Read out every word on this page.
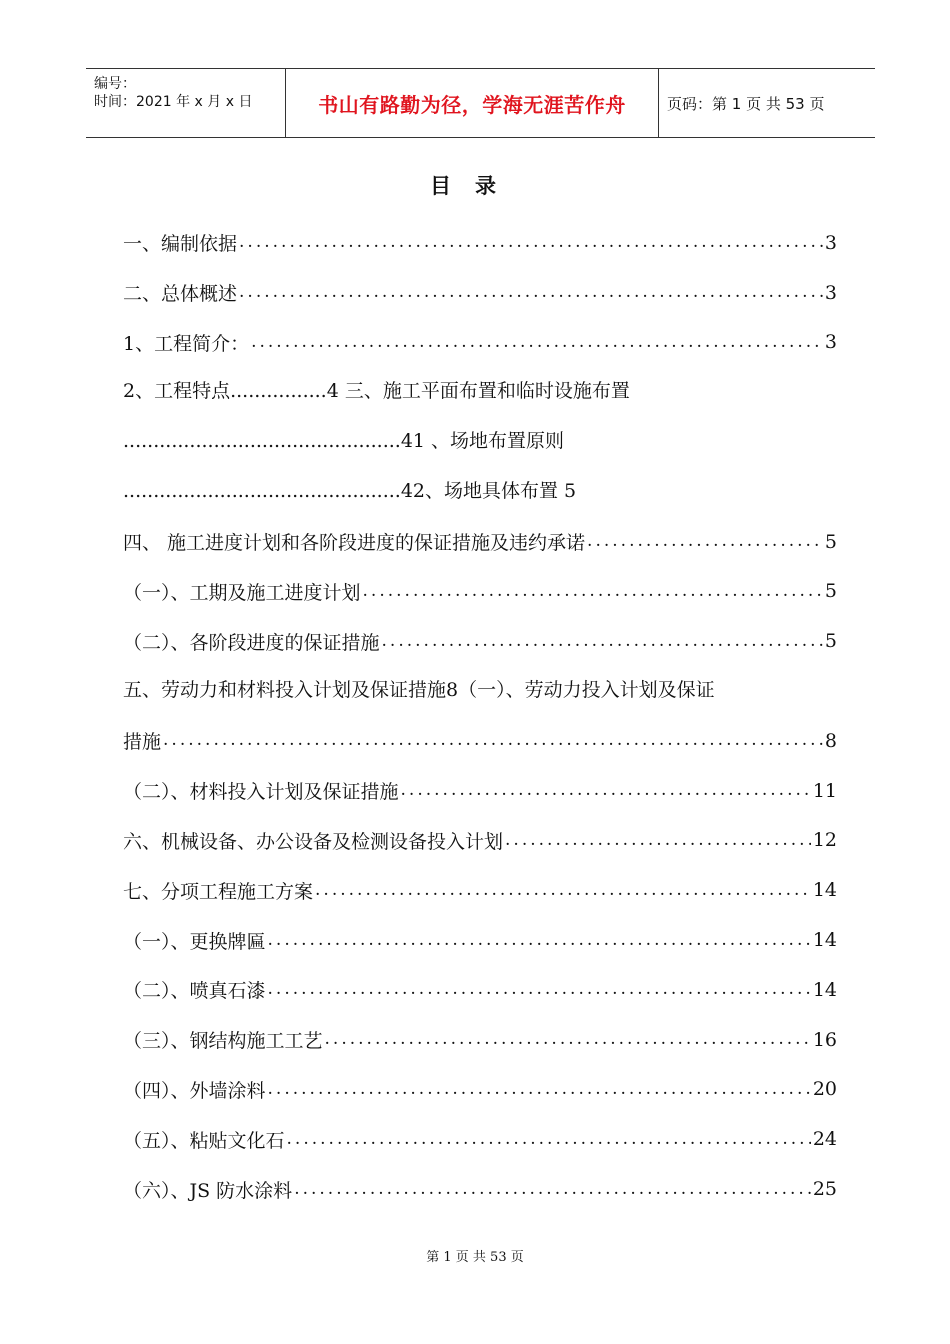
编号：
时间：2021 年 x 月 x 日	书山有路勤为径，学海无涯苦作舟	页码：第 1 页 共 53 页
目录
一、编制依据 .....	3
二、总体概述 .....	3
1、工程简介： .....	3
2、工程特点................4 三、施工平面布置和临时设施布置
..............................................41 、场地布置原则
..............................................42、场地具体布置 5
四、 施工进度计划和各阶段进度的保证措施及违约承诺 .....	5
（一）、工期及施工进度计划 .....	5
（二）、各阶段进度的保证措施 .....	5
五、劳动力和材料投入计划及保证措施8（一）、劳动力投入计划及保证
措施 .....	8
（二）、材料投入计划及保证措施 .....	11
六、机械设备、办公设备及检测设备投入计划 .....	12
七、分项工程施工方案 .....	14
（一）、更换牌匾 .....	14
（二）、喷真石漆 .....	14
（三）、钢结构施工工艺 .....	16
（四）、外墙涂料 .....	20
（五）、粘贴文化石 .....	24
（六）、JS 防水涂料 .....	25
第 1 页 共 53 页
